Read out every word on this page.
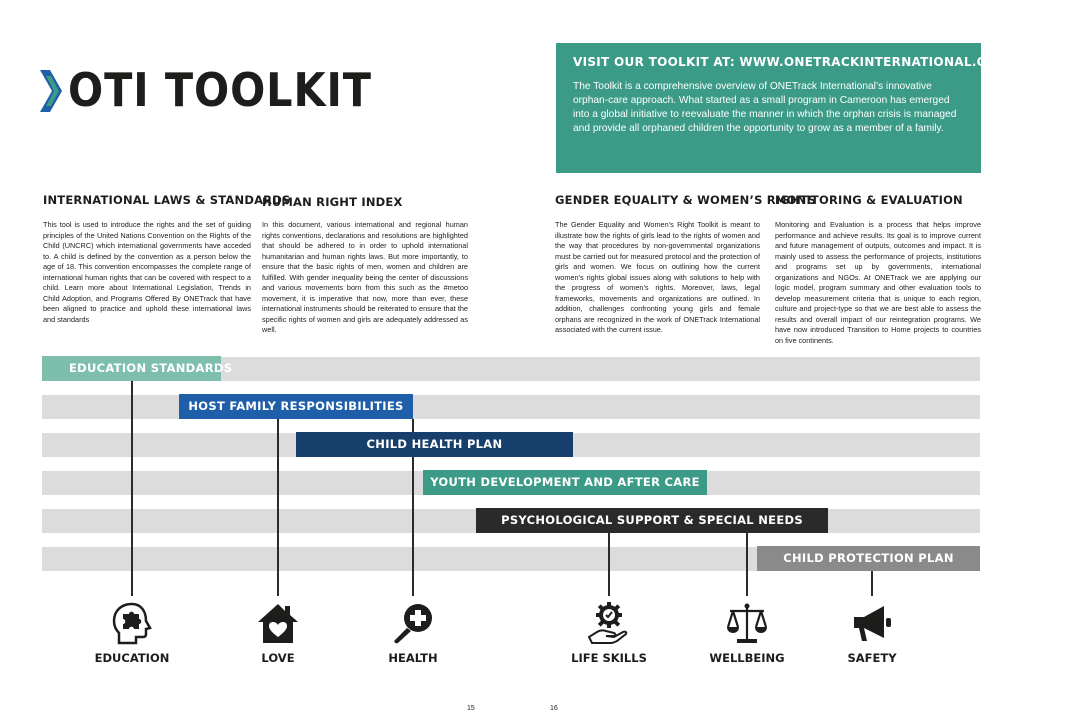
OTI TOOLKIT
VISIT OUR TOOLKIT AT: WWW.ONETRACKINTERNATIONAL.ORG/TOOLKIT/
The Toolkit is a comprehensive overview of ONETrack International’s innovative orphan-care approach. What started as a small program in Cameroon has emerged into a global initiative to reevaluate the manner in which the orphan crisis is managed and provide all orphaned children the opportunity to grow as a member of a family.
INTERNATIONAL LAWS & STANDARDS
This tool is used to introduce the rights and the set of guiding principles of the United Nations Convention on the Rights of the Child (UNCRC) which international governments have acceded to. A child is defined by the convention as a person below the age of 18. This convention encompasses the complete range of international human rights that can be covered with respect to a child. Learn more about International Legislation, Trends in Child Adoption, and Programs Offered By ONETrack that have been aligned to practice and uphold these international laws and standards
HUMAN RIGHT INDEX
In this document, various international and regional human rights conventions, declarations and resolutions are highlighted that should be adhered to in order to uphold international humanitarian and human rights laws. But more importantly, to ensure that the basic rights of men, women and children are fulfilled. With gender inequality being the center of discussions and various movements born from this such as the #metoo movement, it is imperative that now, more than ever, these international instruments should be reiterated to ensure that the specific rights of women and girls are adequately addressed as well.
GENDER EQUALITY & WOMEN’S RIGHTS
The Gender Equality and Women’s Right Toolkit is meant to illustrate how the rights of girls lead to the rights of women and the way that procedures by non-governmental organizations must be carried out for measured protocol and the protection of girls and women. We focus on outlining how the current women’s rights global issues along with solutions to help with the progress of women’s rights. Moreover, laws, legal frameworks, movements and organizations are outlined. In addition, challenges confronting young girls and female orphans are recognized in the work of ONETrack International associated with the current issue.
MONITORING & EVALUATION
Monitoring and Evaluation is a process that helps improve performance and achieve results. Its goal is to improve current and future management of outputs, outcomes and impact. It is mainly used to assess the performance of projects, institutions and programs set up by governments, international organizations and NGOs. At ONETrack we are applying our logic model, program summary and other evaluation tools to develop measurement criteria that is unique to each region, culture and project-type so that we are best able to assess the results and overall impact of our reintegration programs. We have now introduced Transition to Home projects to countries on five continents.
EDUCATION STANDARDS
HOST FAMILY RESPONSIBILITIES
CHILD HEALTH PLAN
YOUTH DEVELOPMENT AND AFTER CARE
PSYCHOLOGICAL SUPPORT & SPECIAL NEEDS
CHILD PROTECTION PLAN
EDUCATION	LOVE	HEALTH	LIFE SKILLS	WELLBEING	SAFETY
15	16
